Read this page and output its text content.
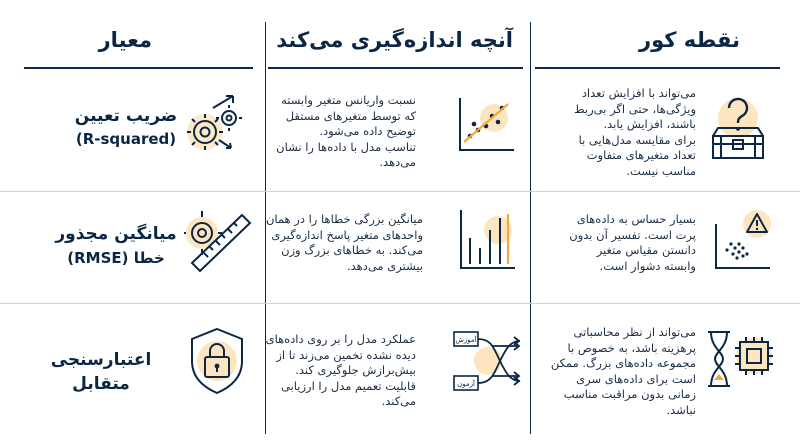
معیار	آنچه اندازه‌گیری می‌کند	نقطه کور
ضریب تعیین
(R-squared)
نسبت واریانس متغیر وابسته
که توسط متغیرهای مستقل
توضیح داده می‌شود.
تناسب مدل با داده‌ها را نشان
می‌دهد.
می‌تواند با افزایش تعداد
ویژگی‌ها، حتی اگر بی‌ربط
باشند، افزایش یابد.
برای مقایسه مدل‌هایی با
تعداد متغیرهای متفاوت
مناسب نیست.
میانگین مجذور
خطا (RMSE)
میانگین بزرگی خطاها را در همان
واحدهای متغیر پاسخ اندازه‌گیری
می‌کند. به خطاهای بزرگ وزن
بیشتری می‌دهد.
بسیار حساس به داده‌های
پرت است. تفسیر آن بدون
دانستن مقیاس متغیر
وابسته دشوار است.
اعتبارسنجی متقابل
آموزش
آزمون
عملکرد مدل را بر روی داده‌های
دیده نشده تخمین می‌زند تا از
بیش‌برازش جلوگیری کند.
قابلیت تعمیم مدل را ارزیابی
می‌کند.
می‌تواند از نظر محاسباتی
پرهزینه باشد، به خصوص با
مجموعه داده‌های بزرگ. ممکن
است برای داده‌های سری
زمانی بدون مراقبت مناسب
نباشد.
